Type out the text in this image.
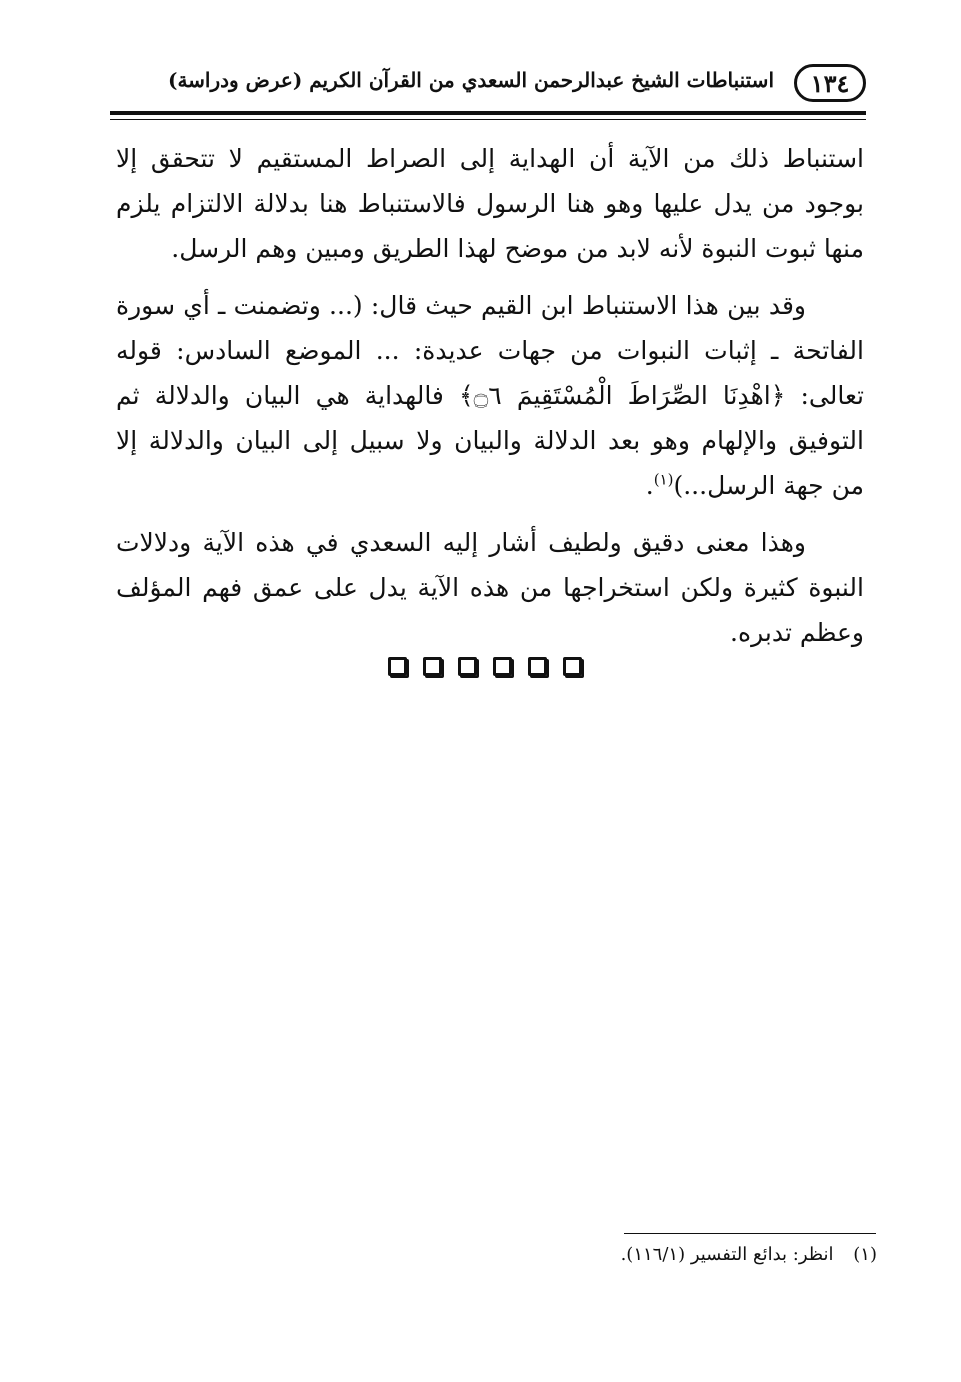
١٣٤
استنباطات الشيخ عبدالرحمن السعدي من القرآن الكريم (عرض ودراسة)

استنباط ذلك من الآية أن الهداية إلى الصراط المستقيم لا تتحقق إلا بوجود من يدل عليها وهو هنا الرسول فالاستنباط هنا بدلالة الالتزام يلزم منها ثبوت النبوة لأنه لابد من موضح لهذا الطريق ومبين وهم الرسل.

وقد بين هذا الاستنباط ابن القيم حيث قال: (... وتضمنت ـ أي سورة الفاتحة ـ إثبات النبوات من جهات عديدة: ... الموضع السادس: قوله تعالى: ﴿اهْدِنَا الصِّرَاطَ الْمُسْتَقِيمَ ۝٦﴾ فالهداية هي البيان والدلالة ثم التوفيق والإلهام وهو بعد الدلالة والبيان ولا سبيل إلى البيان والدلالة إلا من جهة الرسل...)$^{(١)}$.

وهذا معنى دقيق ولطيف أشار إليه السعدي في هذه الآية ودلالات النبوة كثيرة ولكن استخراجها من هذه الآية يدل على عمق فهم المؤلف وعظم تدبره.

(١) انظر: بدائع التفسير (١١٦/١).
